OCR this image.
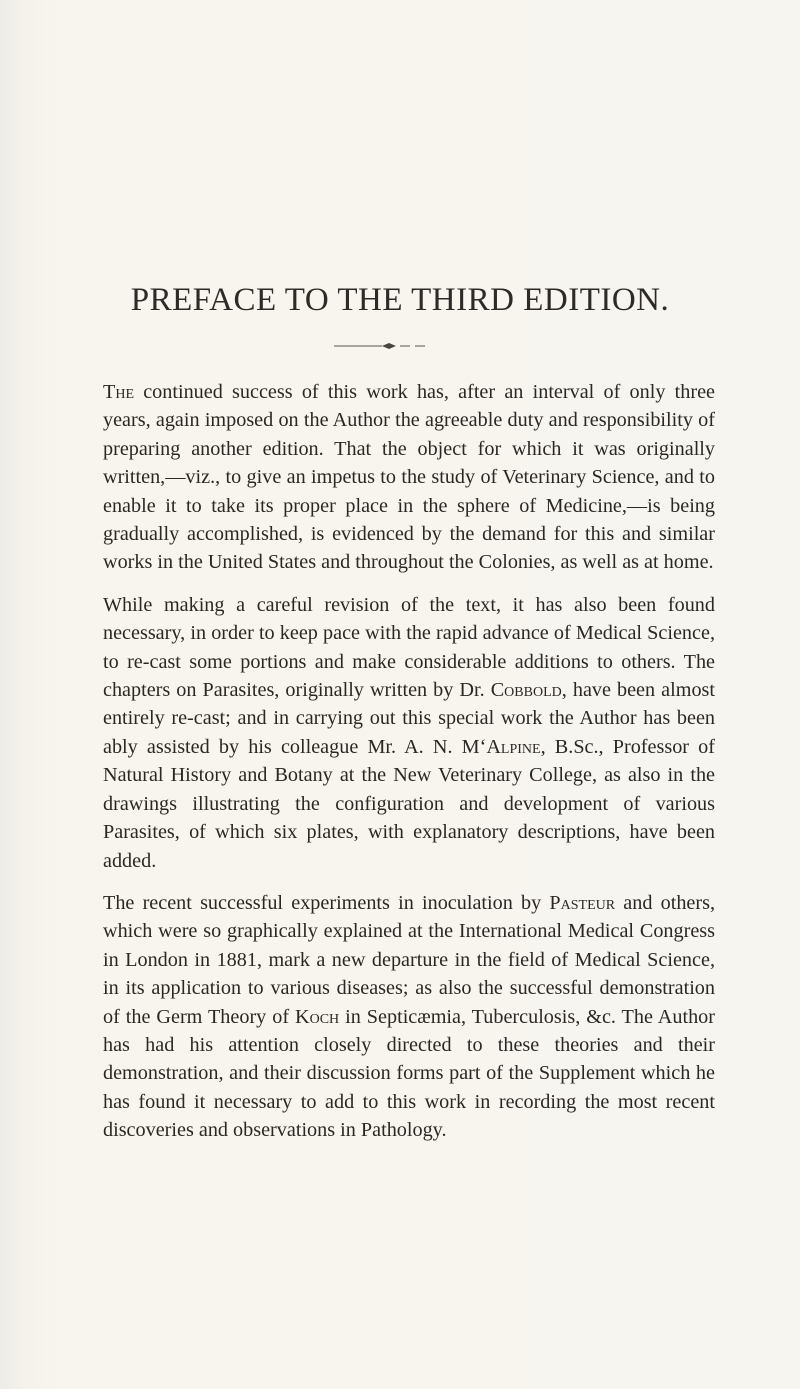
PREFACE TO THE THIRD EDITION.

The continued success of this work has, after an interval of only three years, again imposed on the Author the agreeable duty and responsibility of preparing another edition. That the object for which it was originally written,—viz., to give an impetus to the study of Veterinary Science, and to enable it to take its proper place in the sphere of Medicine,—is being gradually accomplished, is evidenced by the demand for this and similar works in the United States and throughout the Colonies, as well as at home.

While making a careful revision of the text, it has also been found necessary, in order to keep pace with the rapid advance of Medical Science, to re-cast some portions and make considerable additions to others. The chapters on Parasites, originally written by Dr. Cobbold, have been almost entirely re-cast; and in carrying out this special work the Author has been ably assisted by his colleague Mr. A. N. M‘Alpine, B.Sc., Professor of Natural History and Botany at the New Veterinary College, as also in the drawings illustrating the configuration and development of various Parasites, of which six plates, with explanatory descriptions, have been added.

The recent successful experiments in inoculation by Pasteur and others, which were so graphically explained at the International Medical Congress in London in 1881, mark a new departure in the field of Medical Science, in its application to various diseases; as also the successful demonstration of the Germ Theory of Koch in Septicæmia, Tuberculosis, &c. The Author has had his attention closely directed to these theories and their demonstration, and their discussion forms part of the Supplement which he has found it necessary to add to this work in recording the most recent discoveries and observations in Pathology.
